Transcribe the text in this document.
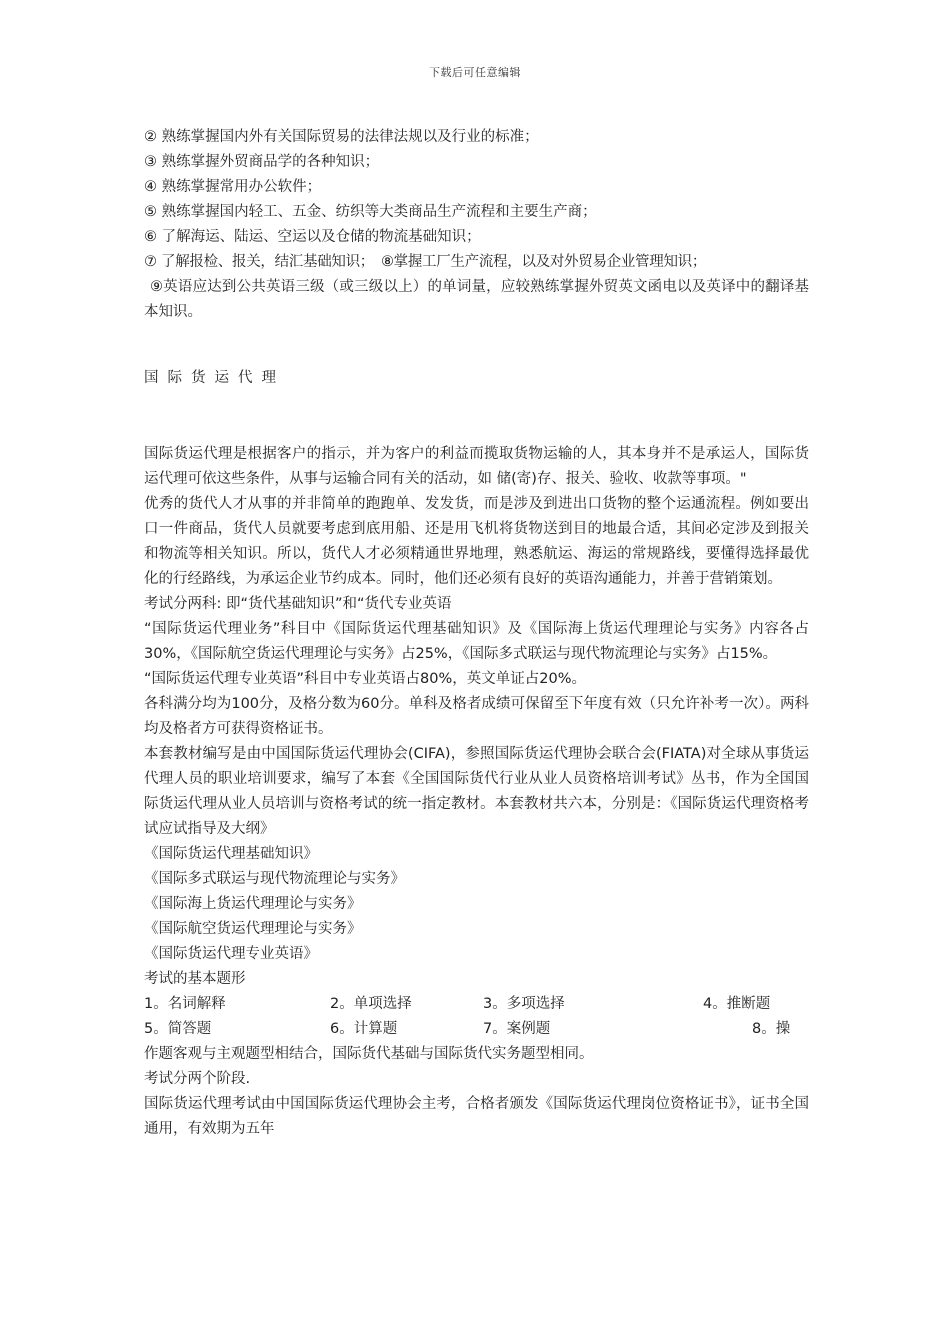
下载后可任意编辑
② 熟练掌握国内外有关国际贸易的法律法规以及行业的标准；
③ 熟练掌握外贸商品学的各种知识；
④ 熟练掌握常用办公软件；
⑤ 熟练掌握国内轻工、五金、纺织等大类商品生产流程和主要生产商；
⑥ 了解海运、陆运、空运以及仓储的物流基础知识；
⑦ 了解报检、报关，结汇基础知识；　⑧掌握工厂生产流程，以及对外贸易企业管理知识；
⑨英语应达到公共英语三级（或三级以上）的单词量，应较熟练掌握外贸英文函电以及英译中的翻译基本知识。
国际货运代理
国际货运代理是根据客户的指示，并为客户的利益而揽取货物运输的人，其本身并不是承运人，国际货运代理可依这些条件，从事与运输合同有关的活动，如 储(寄)存、报关、验收、收款等事项。"
优秀的货代人才从事的并非简单的跑跑单、发发货，而是涉及到进出口货物的整个运通流程。例如要出口一件商品，货代人员就要考虑到底用船、还是用飞机将货物送到目的地最合适，其间必定涉及到报关和物流等相关知识。所以，货代人才必须精通世界地理，熟悉航运、海运的常规路线，要懂得选择最优化的行经路线，为承运企业节约成本。同时，他们还必须有良好的英语沟通能力，并善于营销策划。
考试分两科: 即“货代基础知识”和“货代专业英语
“国际货运代理业务”科目中《国际货运代理基础知识》及《国际海上货运代理理论与实务》内容各占30%，《国际航空货运代理理论与实务》占25%，《国际多式联运与现代物流理论与实务》占15%。
“国际货运代理专业英语”科目中专业英语占80%，英文单证占20%。
各科满分均为100分，及格分数为60分。单科及格者成绩可保留至下年度有效（只允许补考一次）。两科均及格者方可获得资格证书。
本套教材编写是由中国国际货运代理协会(CIFA)，参照国际货运代理协会联合会(FIATA)对全球从事货运代理人员的职业培训要求，编写了本套《全国国际货代行业从业人员资格培训考试》丛书，作为全国国际货运代理从业人员培训与资格考试的统一指定教材。本套教材共六本，分别是：《国际货运代理资格考试应试指导及大纲》
《国际货运代理基础知识》
《国际多式联运与现代物流理论与实务》
《国际海上货运代理理论与实务》
《国际航空货运代理理论与实务》
《国际货运代理专业英语》
考试的基本题形
1。名词解释	2。单项选择	3。多项选择	4。推断题
5。简答题	6。计算题	7。案例题	8。操
作题客观与主观题型相结合，国际货代基础与国际货代实务题型相同。
考试分两个阶段.
国际货运代理考试由中国国际货运代理协会主考，合格者颁发《国际货运代理岗位资格证书》，证书全国通用，有效期为五年
